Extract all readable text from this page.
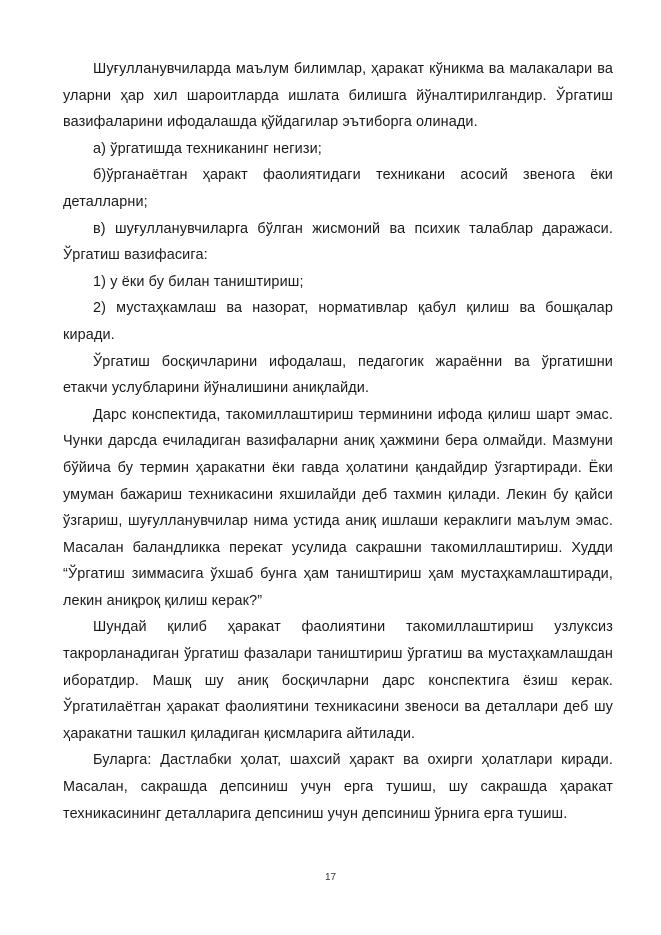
Шуғулланувчиларда маълум билимлар, ҳаракат кўникма ва малакалари ва уларни ҳар хил шароитларда ишлата билишга йўналтирилгандир. Ўргатиш вазифаларини ифодалашда қўйдагилар эътиборга олинади.

а) ўргатишда техниканинг негизи;

б)ўрганаётган ҳаракт фаолиятидаги техникани асосий звенога ёки деталларни;

в) шуғулланувчиларга бўлган жисмоний ва психик талаблар даражаси. Ўргатиш вазифасига:

1) у ёки бу билан таништириш;

2) мустаҳкамлаш ва назорат, нормативлар қабул қилиш ва бошқалар киради.

Ўргатиш босқичларини ифодалаш, педагогик жараённи ва ўргатишни етакчи услубларини йўналишини аниқлайди.

Дарс конспектида, такомиллаштириш терминини ифода қилиш шарт эмас. Чунки дарсда ечиладиган вазифаларни аниқ ҳажмини бера олмайди. Мазмуни бўйича бу термин ҳаракатни ёки гавда ҳолатини қандайдир ўзгартиради. Ёки умуман бажариш техникасини яхшилайди деб тахмин қилади. Лекин бу қайси ўзгариш, шуғулланувчилар нима устида аниқ ишлаши кераклиги маълум эмас. Масалан баландликка перекат усулида сакрашни такомиллаштириш. Худди “Ўргатиш зиммасига ўхшаб бунга ҳам таништириш ҳам мустаҳкамлаштиради, лекин аниқроқ қилиш керак?”

Шундай қилиб ҳаракат фаолиятини такомиллаштириш узлуксиз такрорланадиган ўргатиш фазалари таништириш ўргатиш ва мустаҳкамлашдан иборатдир. Машқ шу аниқ босқичларни дарс конспектига ёзиш керак. Ўргатилаётган ҳаракат фаолиятини техникасини звеноси ва деталлари деб шу ҳаракатни ташкил қиладиган қисмларига айтилади.

Буларга: Дастлабки ҳолат, шахсий ҳаракт ва охирги ҳолатлари киради. Масалан, сакрашда депсиниш учун ерга тушиш, шу сакрашда ҳаракат техникасининг деталларига депсиниш учун депсиниш ўрнига ерга тушиш.

17
